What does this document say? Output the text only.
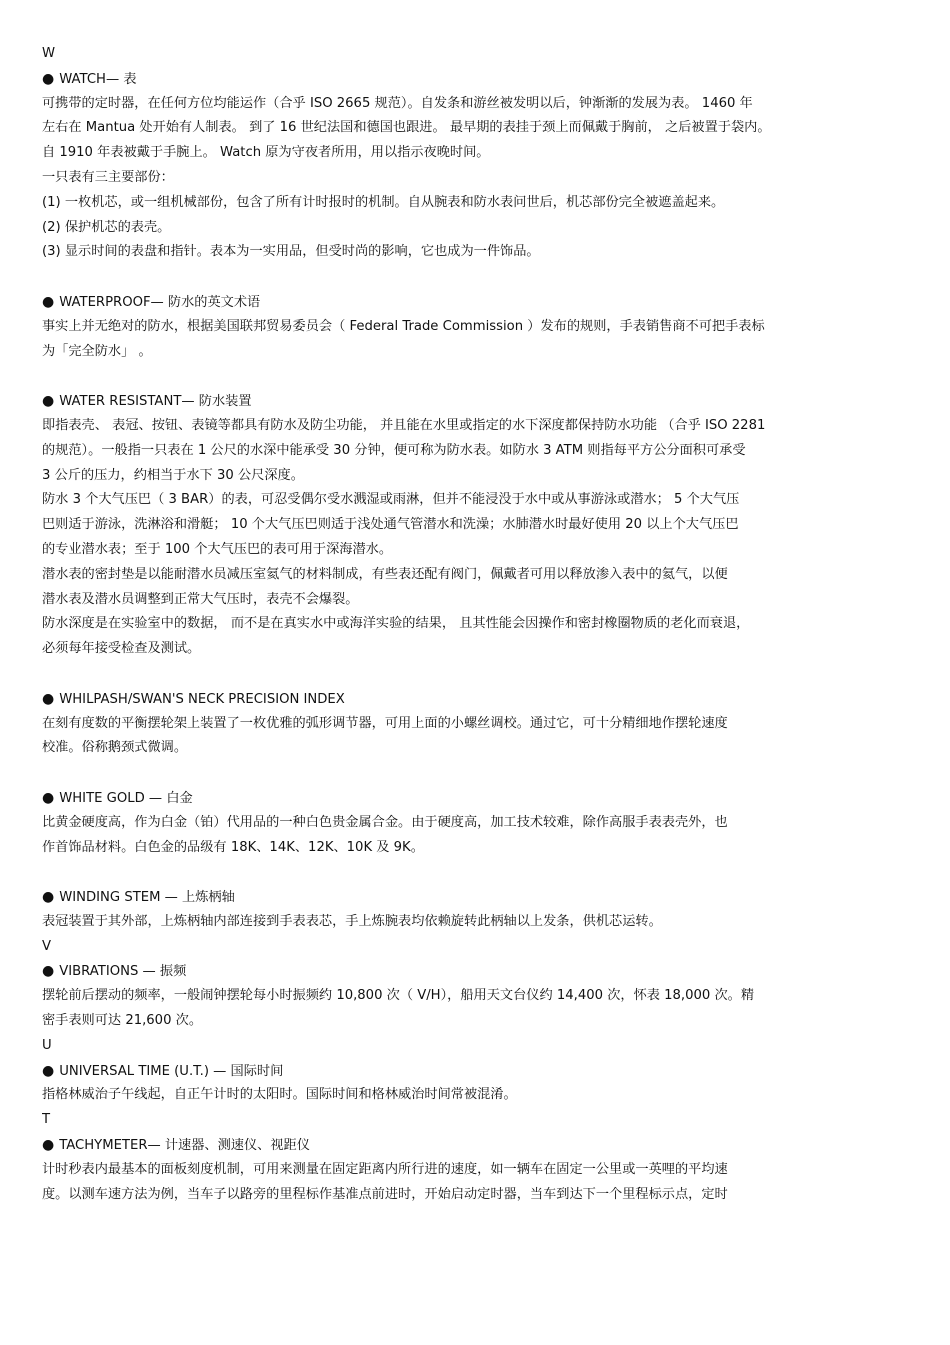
W
● WATCH— 表
可携带的定时器，在任何方位均能运作（合乎 ISO 2665 规范）。自发条和游丝被发明以后，钟渐渐的发展为表。 1460 年
左右在 Mantua 处开始有人制表。 到了 16 世纪法国和德国也跟进。 最早期的表挂于颈上而佩戴于胸前， 之后被置于袋内。
自 1910 年表被戴于手腕上。 Watch 原为守夜者所用，用以指示夜晚时间。
一只表有三主要部份：
(1) 一枚机芯，或一组机械部份，包含了所有计时报时的机制。自从腕表和防水表问世后，机芯部份完全被遮盖起来。
(2) 保护机芯的表壳。
(3) 显示时间的表盘和指针。表本为一实用品，但受时尚的影响，它也成为一件饰品。
● WATERPROOF— 防水的英文术语
事实上并无绝对的防水，根据美国联邦贸易委员会（ Federal Trade Commission ）发布的规则，手表销售商不可把手表标
为「完全防水」 。
● WATER RESISTANT— 防水装置
即指表壳、 表冠、按钮、表镜等都具有防水及防尘功能， 并且能在水里或指定的水下深度都保持防水功能 （合乎 ISO 2281
的规范）。一般指一只表在 1 公尺的水深中能承受 30 分钟，便可称为防水表。如防水 3 ATM 则指每平方公分面积可承受
3 公斤的压力，约相当于水下 30 公尺深度。
防水 3 个大气压巴（ 3 BAR）的表，可忍受偶尔受水溅湿或雨淋，但并不能浸没于水中或从事游泳或潜水； 5 个大气压
巴则适于游泳，洗淋浴和滑艇； 10 个大气压巴则适于浅处通气管潜水和洗澡；水肺潜水时最好使用 20 以上个大气压巴
的专业潜水表；至于 100 个大气压巴的表可用于深海潜水。
潜水表的密封垫是以能耐潜水员减压室氦气的材料制成，有些表还配有阀门，佩戴者可用以释放渗入表中的氦气，以便
潜水表及潜水员调整到正常大气压时，表壳不会爆裂。
防水深度是在实验室中的数据， 而不是在真实水中或海洋实验的结果， 且其性能会因操作和密封橡圈物质的老化而衰退，
必须每年接受检查及测试。
● WHILPASH/SWAN'S NECK PRECISION INDEX
在刻有度数的平衡摆轮架上装置了一枚优雅的弧形调节器，可用上面的小螺丝调校。通过它，可十分精细地作摆轮速度
校准。俗称鹅颈式微调。
● WHITE GOLD — 白金
比黄金硬度高，作为白金（铂）代用品的一种白色贵金属合金。由于硬度高，加工技术较难，除作高服手表表壳外，也
作首饰品材料。白色金的品级有 18K、14K、12K、10K 及 9K。
● WINDING STEM — 上炼柄轴
表冠装置于其外部，上炼柄轴内部连接到手表表芯，手上炼腕表均依赖旋转此柄轴以上发条，供机芯运转。
V
● VIBRATIONS — 振频
摆轮前后摆动的频率，一般闹钟摆轮每小时振频约 10,800 次（ V/H），船用天文台仪约 14,400 次，怀表 18,000 次。精
密手表则可达 21,600 次。
U
● UNIVERSAL TIME (U.T.) — 国际时间
指格林威治子午线起，自正午计时的太阳时。国际时间和格林威治时间常被混淆。
T
● TACHYMETER— 计速器、测速仪、视距仪
计时秒表内最基本的面板刻度机制，可用来测量在固定距离内所行进的速度，如一辆车在固定一公里或一英哩的平均速
度。以测车速方法为例，当车子以路旁的里程标作基准点前进时，开始启动定时器，当车到达下一个里程标示点，定时
